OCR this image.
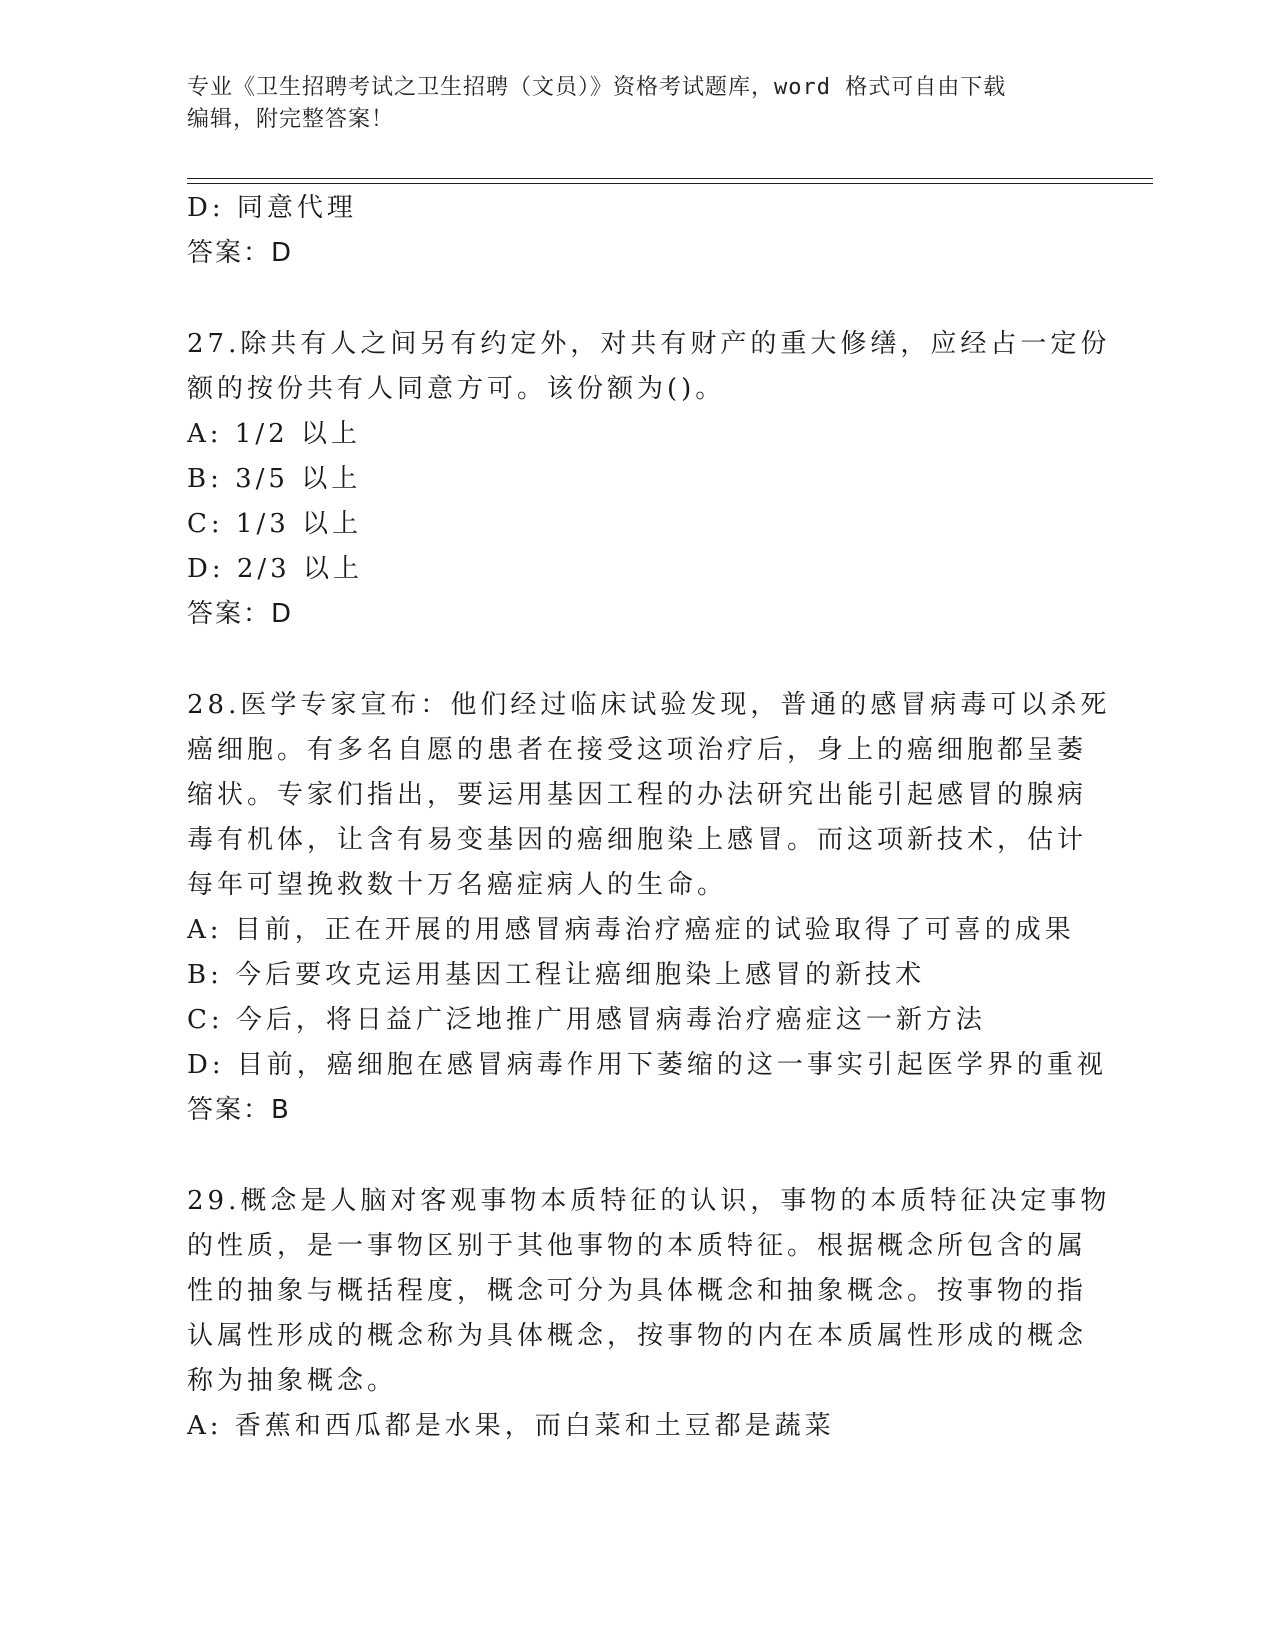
专业《卫生招聘考试之卫生招聘（文员）》资格考试题库，word 格式可自由下载
编辑，附完整答案！
D: 同意代理
答案：D
27.除共有人之间另有约定外，对共有财产的重大修缮，应经占一定份
额的按份共有人同意方可。该份额为()。
A: 1/2 以上
B: 3/5 以上
C: 1/3 以上
D: 2/3 以上
答案：D
28.医学专家宣布：他们经过临床试验发现，普通的感冒病毒可以杀死
癌细胞。有多名自愿的患者在接受这项治疗后，身上的癌细胞都呈萎
缩状。专家们指出，要运用基因工程的办法研究出能引起感冒的腺病
毒有机体，让含有易变基因的癌细胞染上感冒。而这项新技术，估计
每年可望挽救数十万名癌症病人的生命。
A: 目前，正在开展的用感冒病毒治疗癌症的试验取得了可喜的成果
B: 今后要攻克运用基因工程让癌细胞染上感冒的新技术
C: 今后，将日益广泛地推广用感冒病毒治疗癌症这一新方法
D: 目前，癌细胞在感冒病毒作用下萎缩的这一事实引起医学界的重视
答案：B
29.概念是人脑对客观事物本质特征的认识，事物的本质特征决定事物
的性质，是一事物区别于其他事物的本质特征。根据概念所包含的属
性的抽象与概括程度，概念可分为具体概念和抽象概念。按事物的指
认属性形成的概念称为具体概念，按事物的内在本质属性形成的概念
称为抽象概念。
A: 香蕉和西瓜都是水果，而白菜和土豆都是蔬菜
